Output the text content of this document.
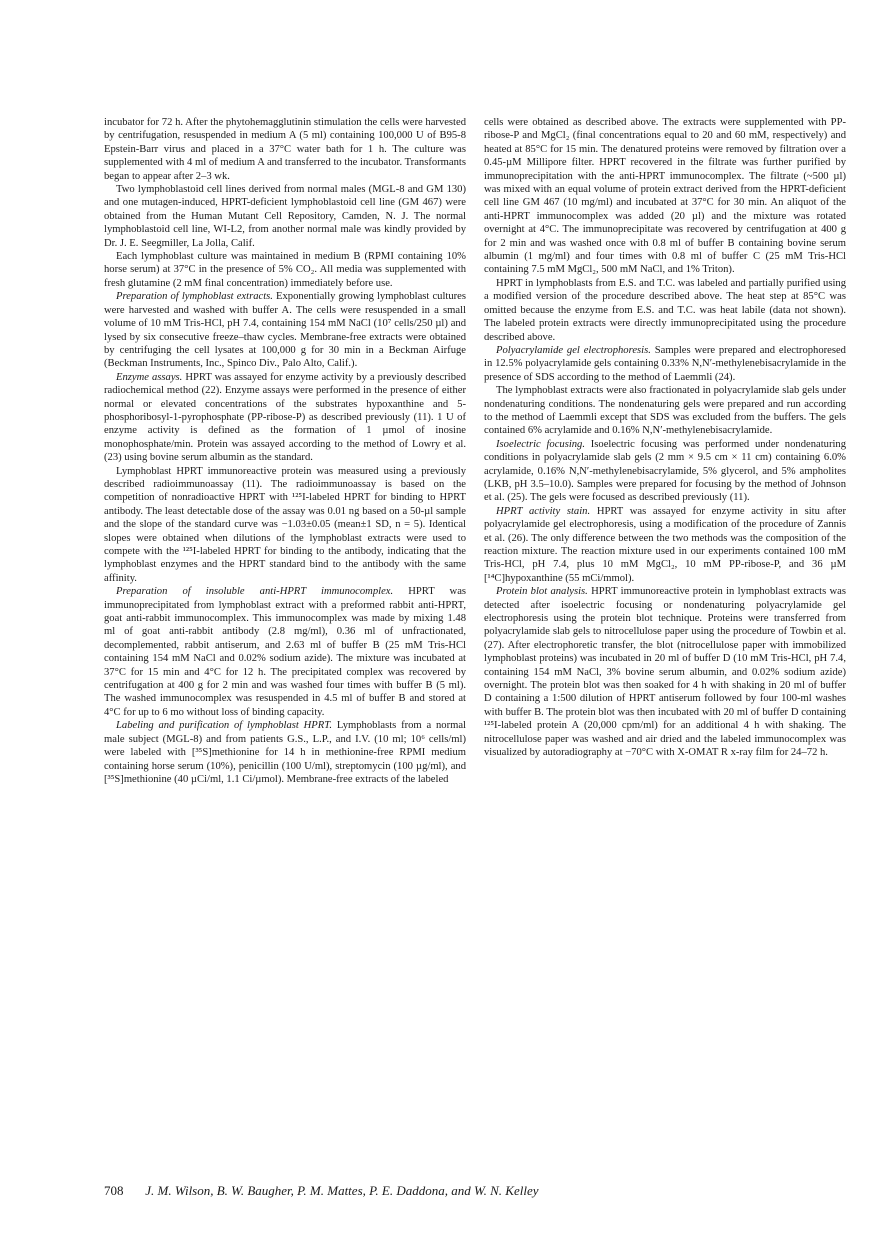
incubator for 72 h. After the phytohemagglutinin stimulation the cells were harvested by centrifugation, resuspended in medium A (5 ml) containing 100,000 U of B95-8 Epstein-Barr virus and placed in a 37°C water bath for 1 h. The culture was supplemented with 4 ml of medium A and transferred to the incubator. Transformants began to appear after 2–3 wk.

Two lymphoblastoid cell lines derived from normal males (MGL-8 and GM 130) and one mutagen-induced, HPRT-deficient lymphoblastoid cell line (GM 467) were obtained from the Human Mutant Cell Repository, Camden, N. J. The normal lymphoblastoid cell line, WI-L2, from another normal male was kindly provided by Dr. J. E. Seegmiller, La Jolla, Calif.

Each lymphoblast culture was maintained in medium B (RPMI containing 10% horse serum) at 37°C in the presence of 5% CO₂. All media was supplemented with fresh glutamine (2 mM final concentration) immediately before use.

Preparation of lymphoblast extracts. Exponentially growing lymphoblast cultures were harvested and washed with buffer A. The cells were resuspended in a small volume of 10 mM Tris-HCl, pH 7.4, containing 154 mM NaCl (10⁷ cells/250 µl) and lysed by six consecutive freeze–thaw cycles. Membrane-free extracts were obtained by centrifuging the cell lysates at 100,000 g for 30 min in a Beckman Airfuge (Beckman Instruments, Inc., Spinco Div., Palo Alto, Calif.).

Enzyme assays. HPRT was assayed for enzyme activity by a previously described radiochemical method (22). Enzyme assays were performed in the presence of either normal or elevated concentrations of the substrates hypoxanthine and 5-phosphoribosyl-1-pyrophosphate (PP-ribose-P) as described previously (11). 1 U of enzyme activity is defined as the formation of 1 µmol of inosine monophosphate/min. Protein was assayed according to the method of Lowry et al. (23) using bovine serum albumin as the standard.

Lymphoblast HPRT immunoreactive protein was measured using a previously described radioimmunoassay (11). The radioimmunoassay is based on the competition of nonradioactive HPRT with ¹²⁵I-labeled HPRT for binding to HPRT antibody. The least detectable dose of the assay was 0.01 ng based on a 50-µl sample and the slope of the standard curve was −1.03±0.05 (mean±1 SD, n = 5). Identical slopes were obtained when dilutions of the lymphoblast extracts were used to compete with the ¹²⁵I-labeled HPRT for binding to the antibody, indicating that the lymphoblast enzymes and the HPRT standard bind to the antibody with the same affinity.

Preparation of insoluble anti-HPRT immunocomplex. HPRT was immunoprecipitated from lymphoblast extract with a preformed rabbit anti-HPRT, goat anti-rabbit immunocomplex. This immunocomplex was made by mixing 1.48 ml of goat anti-rabbit antibody (2.8 mg/ml), 0.36 ml of unfractionated, decomplemented, rabbit antiserum, and 2.63 ml of buffer B (25 mM Tris-HCl containing 154 mM NaCl and 0.02% sodium azide). The mixture was incubated at 37°C for 15 min and 4°C for 12 h. The precipitated complex was recovered by centrifugation at 400 g for 2 min and was washed four times with buffer B (5 ml). The washed immunocomplex was resuspended in 4.5 ml of buffer B and stored at 4°C for up to 6 mo without loss of binding capacity.

Labeling and purification of lymphoblast HPRT. Lymphoblasts from a normal male subject (MGL-8) and from patients G.S., L.P., and I.V. (10 ml; 10⁶ cells/ml) were labeled with [³⁵S]methionine for 14 h in methionine-free RPMI medium containing horse serum (10%), penicillin (100 U/ml), streptomycin (100 µg/ml), and [³⁵S]methionine (40 µCi/ml, 1.1 Ci/µmol). Membrane-free extracts of the labeled

cells were obtained as described above. The extracts were supplemented with PP-ribose-P and MgCl₂ (final concentrations equal to 20 and 60 mM, respectively) and heated at 85°C for 15 min. The denatured proteins were removed by filtration over a 0.45-µM Millipore filter. HPRT recovered in the filtrate was further purified by immunoprecipitation with the anti-HPRT immunocomplex. The filtrate (~500 µl) was mixed with an equal volume of protein extract derived from the HPRT-deficient cell line GM 467 (10 mg/ml) and incubated at 37°C for 30 min. An aliquot of the anti-HPRT immunocomplex was added (20 µl) and the mixture was rotated overnight at 4°C. The immunoprecipitate was recovered by centrifugation at 400 g for 2 min and was washed once with 0.8 ml of buffer B containing bovine serum albumin (1 mg/ml) and four times with 0.8 ml of buffer C (25 mM Tris-HCl containing 7.5 mM MgCl₂, 500 mM NaCl, and 1% Triton).

HPRT in lymphoblasts from E.S. and T.C. was labeled and partially purified using a modified version of the procedure described above. The heat step at 85°C was omitted because the enzyme from E.S. and T.C. was heat labile (data not shown). The labeled protein extracts were directly immunoprecipitated using the procedure described above.

Polyacrylamide gel electrophoresis. Samples were prepared and electrophoresed in 12.5% polyacrylamide gels containing 0.33% N,N′-methylenebisacrylamide in the presence of SDS according to the method of Laemmli (24).

The lymphoblast extracts were also fractionated in polyacrylamide slab gels under nondenaturing conditions. The nondenaturing gels were prepared and run according to the method of Laemmli except that SDS was excluded from the buffers. The gels contained 6% acrylamide and 0.16% N,N′-methylenebisacrylamide.

Isoelectric focusing. Isoelectric focusing was performed under nondenaturing conditions in polyacrylamide slab gels (2 mm × 9.5 cm × 11 cm) containing 6.0% acrylamide, 0.16% N,N′-methylenebisacrylamide, 5% glycerol, and 5% ampholites (LKB, pH 3.5–10.0). Samples were prepared for focusing by the method of Johnson et al. (25). The gels were focused as described previously (11).

HPRT activity stain. HPRT was assayed for enzyme activity in situ after polyacrylamide gel electrophoresis, using a modification of the procedure of Zannis et al. (26). The only difference between the two methods was the composition of the reaction mixture. The reaction mixture used in our experiments contained 100 mM Tris-HCl, pH 7.4, plus 10 mM MgCl₂, 10 mM PP-ribose-P, and 36 µM [¹⁴C]hypoxanthine (55 mCi/mmol).

Protein blot analysis. HPRT immunoreactive protein in lymphoblast extracts was detected after isoelectric focusing or nondenaturing polyacrylamide gel electrophoresis using the protein blot technique. Proteins were transferred from polyacrylamide slab gels to nitrocellulose paper using the procedure of Towbin et al. (27). After electrophoretic transfer, the blot (nitrocellulose paper with immobilized lymphoblast proteins) was incubated in 20 ml of buffer D (10 mM Tris-HCl, pH 7.4, containing 154 mM NaCl, 3% bovine serum albumin, and 0.02% sodium azide) overnight. The protein blot was then soaked for 4 h with shaking in 20 ml of buffer D containing a 1:500 dilution of HPRT antiserum followed by four 100-ml washes with buffer B. The protein blot was then incubated with 20 ml of buffer D containing ¹²⁵I-labeled protein A (20,000 cpm/ml) for an additional 4 h with shaking. The nitrocellulose paper was washed and air dried and the labeled immunocomplex was visualized by autoradiography at −70°C with X-OMAT R x-ray film for 24–72 h.

708 J. M. Wilson, B. W. Baugher, P. M. Mattes, P. E. Daddona, and W. N. Kelley
